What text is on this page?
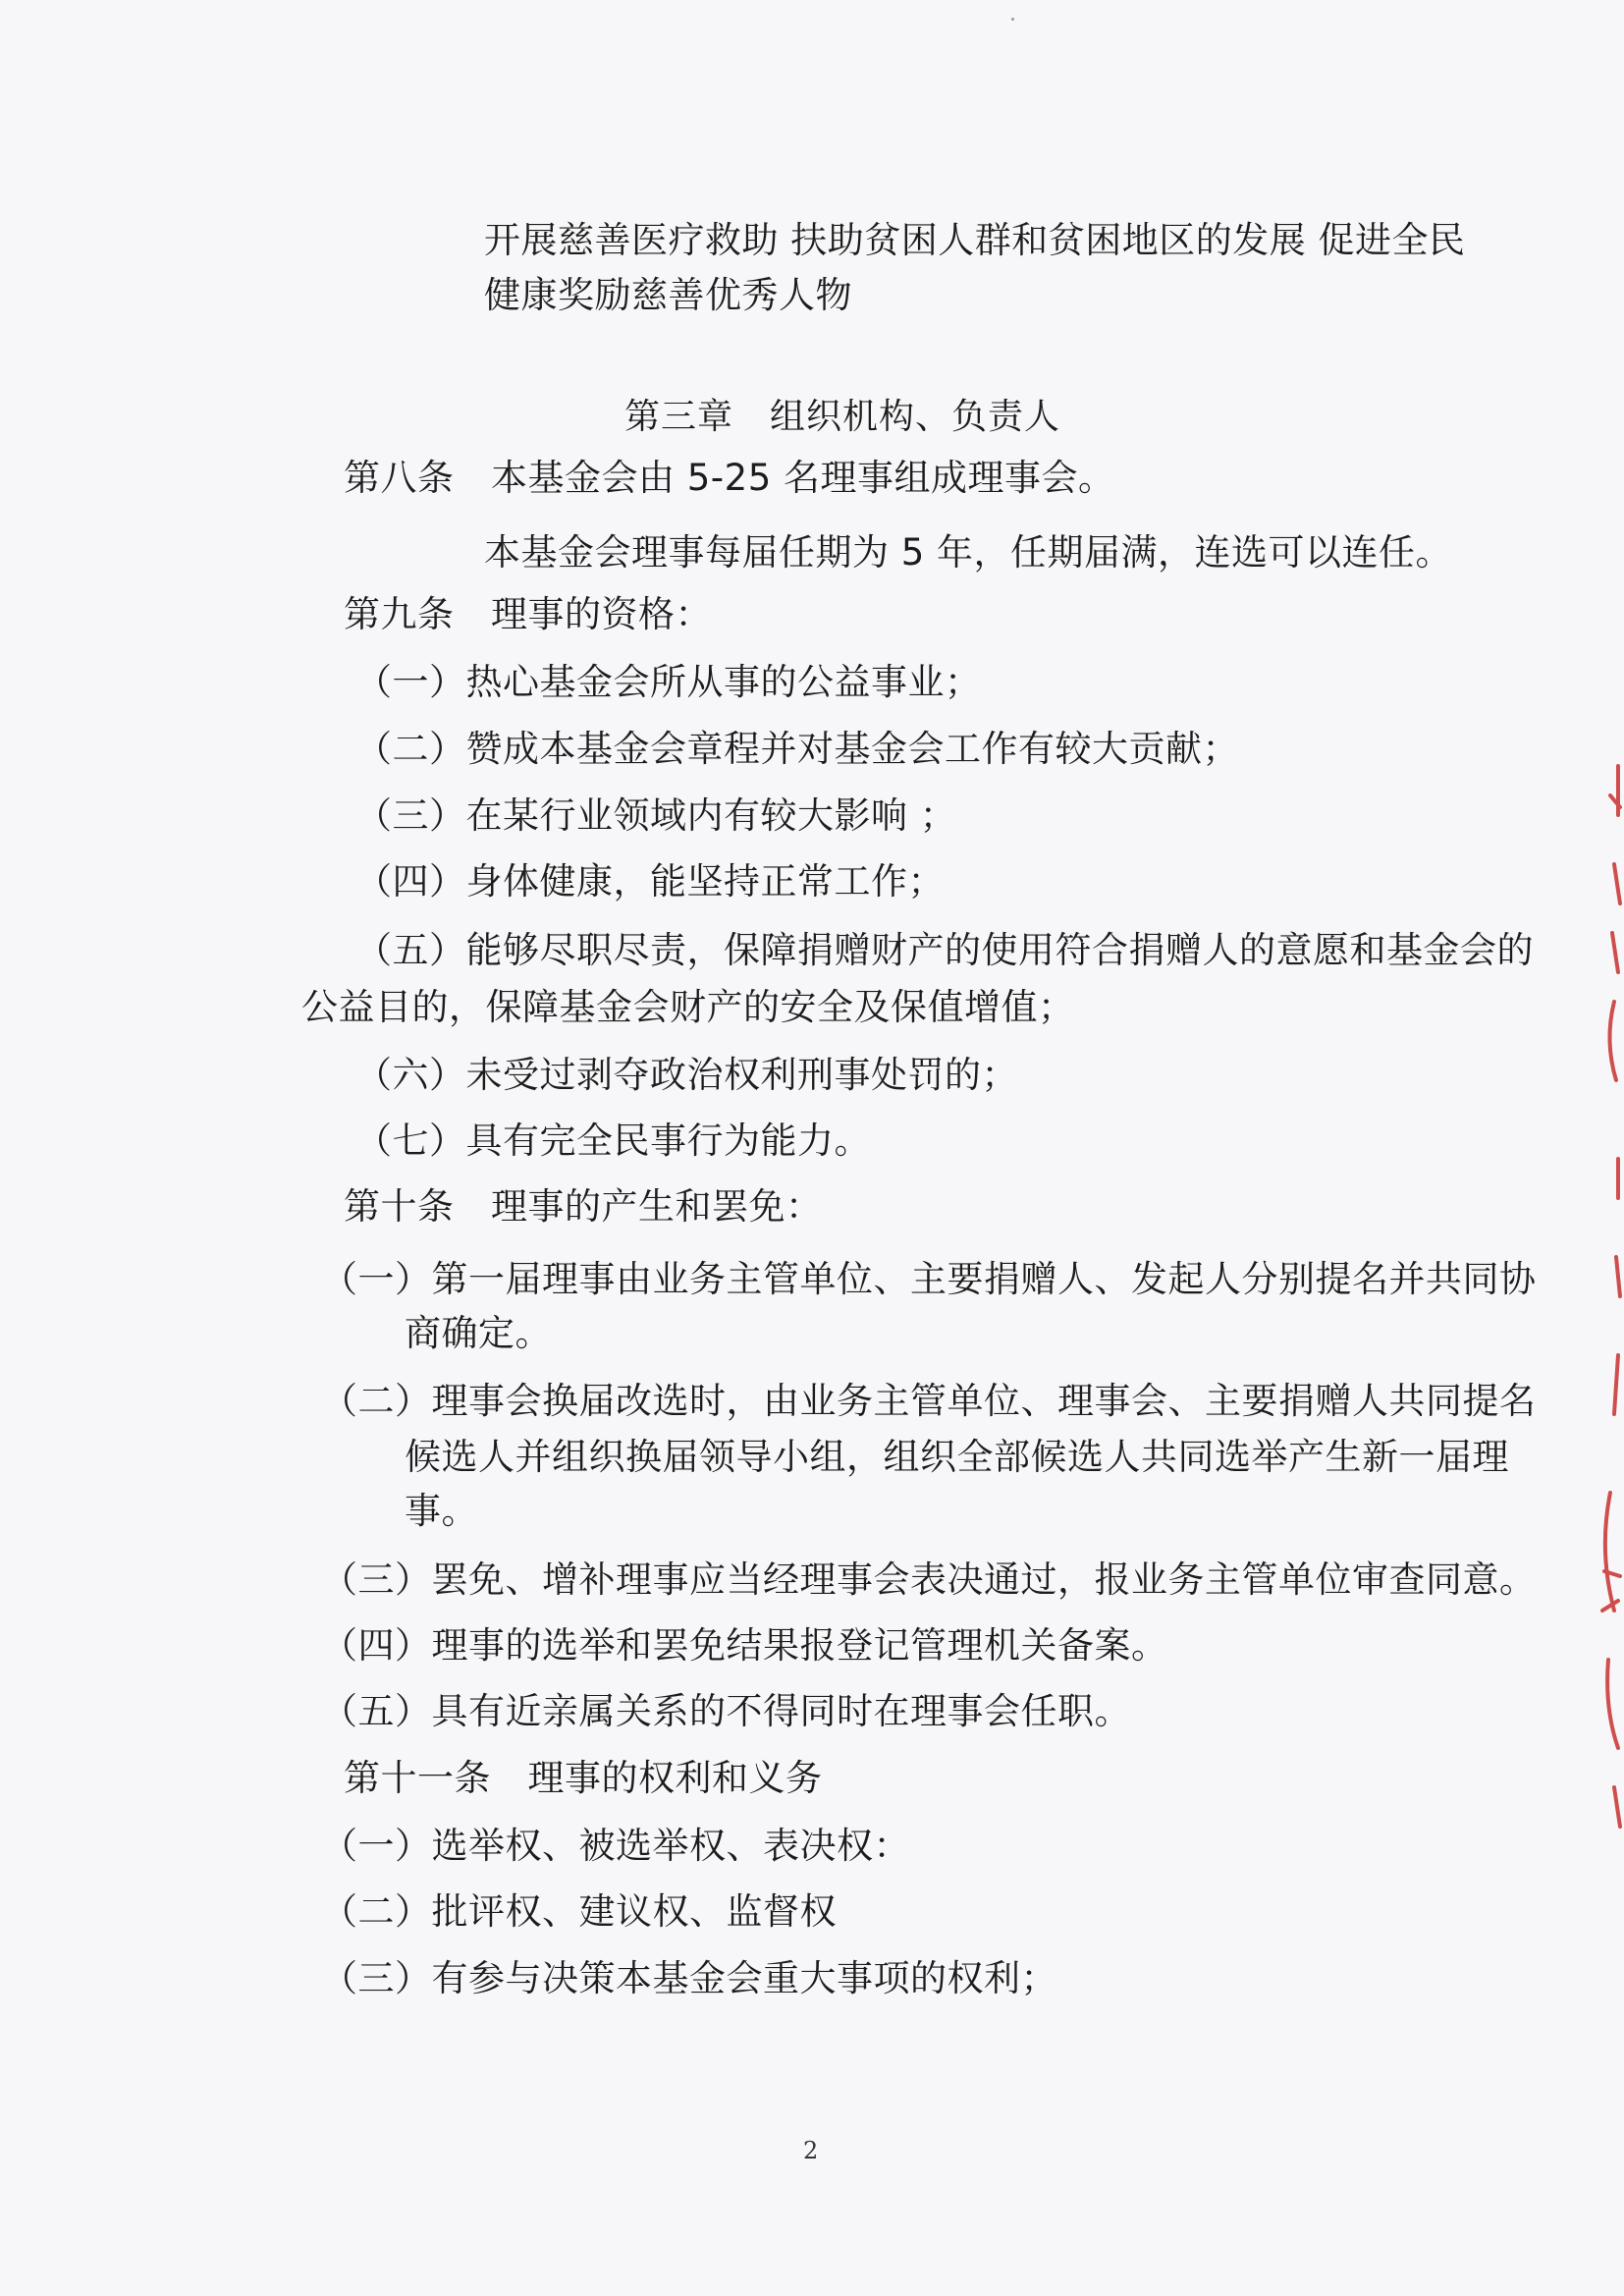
开展慈善医疗救助 扶助贫困人群和贫困地区的发展 促进全民
健康奖励慈善优秀人物
第三章　组织机构、负责人
第八条　本基金会由 5-25 名理事组成理事会。
本基金会理事每届任期为 5 年，任期届满，连选可以连任。
第九条　理事的资格：
（一）热心基金会所从事的公益事业；
（二）赞成本基金会章程并对基金会工作有较大贡献；
（三）在某行业领域内有较大影响 ；
（四）身体健康，能坚持正常工作；
（五）能够尽职尽责，保障捐赠财产的使用符合捐赠人的意愿和基金会的
公益目的，保障基金会财产的安全及保值增值；
（六）未受过剥夺政治权利刑事处罚的；
（七）具有完全民事行为能力。
第十条　理事的产生和罢免：
（一）第一届理事由业务主管单位、主要捐赠人、发起人分别提名并共同协
商确定。
（二）理事会换届改选时，由业务主管单位、理事会、主要捐赠人共同提名
候选人并组织换届领导小组，组织全部候选人共同选举产生新一届理
事。
（三）罢免、增补理事应当经理事会表决通过，报业务主管单位审查同意。
（四）理事的选举和罢免结果报登记管理机关备案。
（五）具有近亲属关系的不得同时在理事会任职。
第十一条　理事的权利和义务
（一）选举权、被选举权、表决权：
（二）批评权、建议权、监督权
（三）有参与决策本基金会重大事项的权利；
2
